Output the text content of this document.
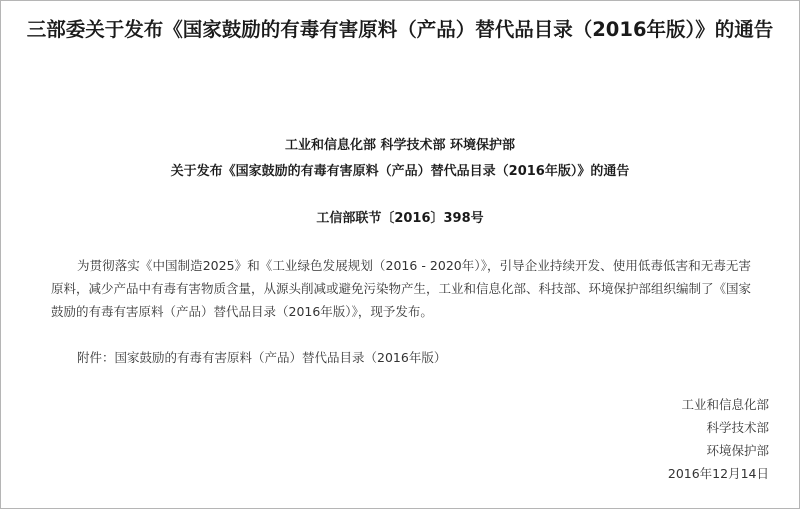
三部委关于发布《国家鼓励的有毒有害原料（产品）替代品目录（2016年版）》的通告
工业和信息化部 科学技术部 环境保护部
关于发布《国家鼓励的有毒有害原料（产品）替代品目录（2016年版）》的通告
工信部联节〔2016〕398号

为贯彻落实《中国制造2025》和《工业绿色发展规划（2016 - 2020年）》，引导企业持续开发、使用低毒低害和无毒无害原料，减少产品中有毒有害物质含量，从源头削减或避免污染物产生，工业和信息化部、科技部、环境保护部组织编制了《国家鼓励的有毒有害原料（产品）替代品目录（2016年版）》，现予发布。

附件：国家鼓励的有毒有害原料（产品）替代品目录（2016年版）

工业和信息化部
科学技术部
环境保护部
2016年12月14日
